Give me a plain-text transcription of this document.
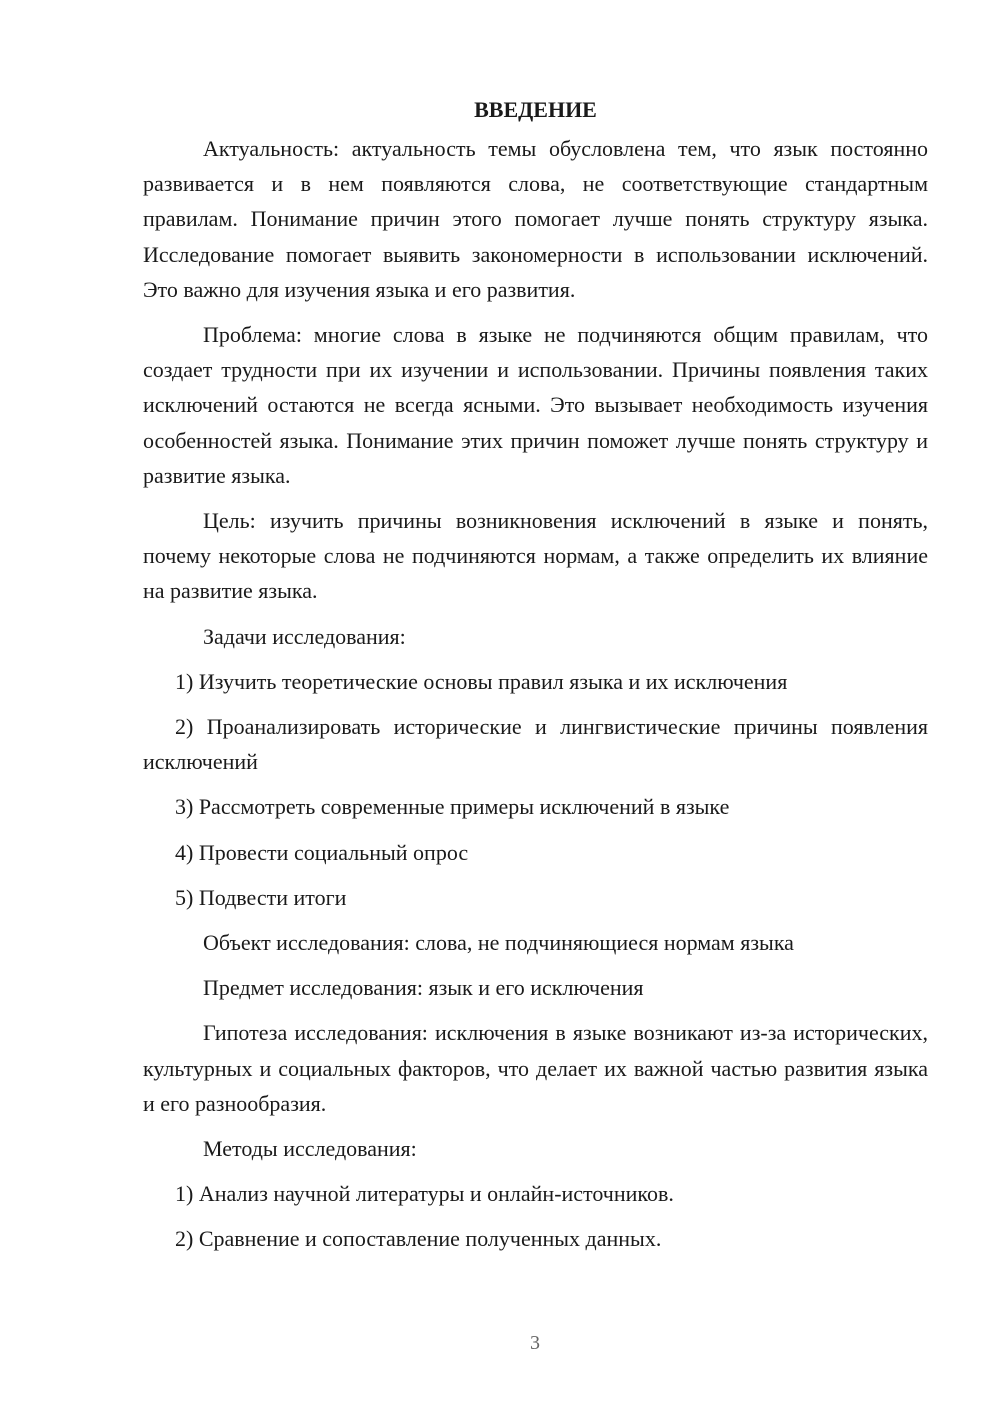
ВВЕДЕНИЕ

Актуальность: актуальность темы обусловлена тем, что язык постоянно развивается и в нем появляются слова, не соответствующие стандартным правилам. Понимание причин этого помогает лучше понять структуру языка. Исследование помогает выявить закономерности в использовании исключений. Это важно для изучения языка и его развития.

Проблема: многие слова в языке не подчиняются общим правилам, что создает трудности при их изучении и использовании. Причины появления таких исключений остаются не всегда ясными. Это вызывает необходимость изучения особенностей языка. Понимание этих причин поможет лучше понять структуру и развитие языка.

Цель: изучить причины возникновения исключений в языке и понять, почему некоторые слова не подчиняются нормам, а также определить их влияние на развитие языка.

Задачи исследования:

1) Изучить теоретические основы правил языка и их исключения

2) Проанализировать исторические и лингвистические причины появления исключений

3) Рассмотреть современные примеры исключений в языке

4) Провести социальный опрос

5) Подвести итоги

Объект исследования: слова, не подчиняющиеся нормам языка

Предмет исследования: язык и его исключения

Гипотеза исследования: исключения в языке возникают из-за исторических, культурных и социальных факторов, что делает их важной частью развития языка и его разнообразия.

Методы исследования:

1) Анализ научной литературы и онлайн-источников.

2) Сравнение и сопоставление полученных данных.

3
